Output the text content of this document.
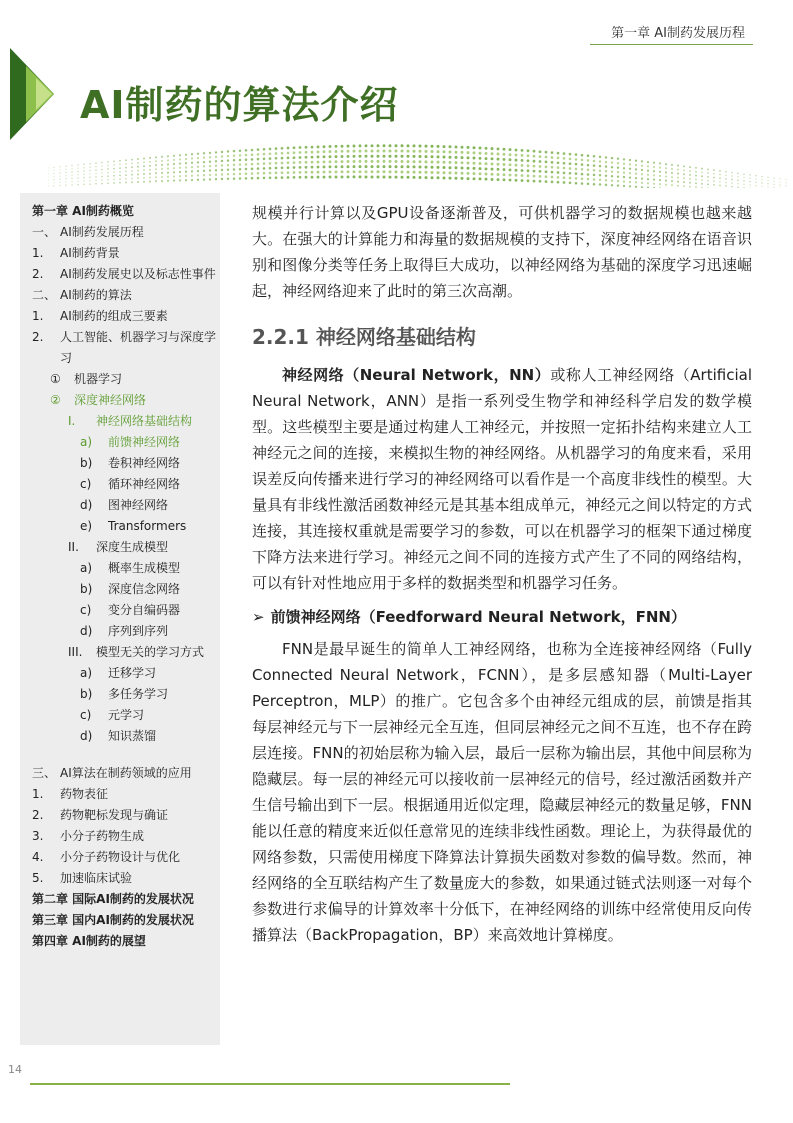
第一章 AI制药发展历程
AI制药的算法介绍
第一章 AI制药概览
一、 AI制药发展历程
1.	AI制药背景
2.	AI制药发展史以及标志性事件
二、 AI制药的算法
1.	AI制药的组成三要素
2.	人工智能、机器学习与深度学习
①	机器学习
②	深度神经网络
I.	神经网络基础结构
a)	前馈神经网络
b)	卷积神经网络
c)	循环神经网络
d)	图神经网络
e)	Transformers
II.	深度生成模型
a)	概率生成模型
b)	深度信念网络
c)	变分自编码器
d)	序列到序列
III.	模型无关的学习方式
a)	迁移学习
b)	多任务学习
c)	元学习
d)	知识蒸馏
三、 AI算法在制药领域的应用
1.	药物表征
2.	药物靶标发现与确证
3.	小分子药物生成
4.	小分子药物设计与优化
5.	加速临床试验
第二章 国际AI制药的发展状况
第三章 国内AI制药的发展状况
第四章 AI制药的展望

规模并行计算以及GPU设备逐渐普及，可供机器学习的数据规模也越来越大。在强大的计算能力和海量的数据规模的支持下，深度神经网络在语音识别和图像分类等任务上取得巨大成功，以神经网络为基础的深度学习迅速崛起，神经网络迎来了此时的第三次高潮。

2.2.1 神经网络基础结构

神经网络（Neural Network，NN）或称人工神经网络（Artificial Neural Network，ANN）是指一系列受生物学和神经科学启发的数学模型。这些模型主要是通过构建人工神经元，并按照一定拓扑结构来建立人工神经元之间的连接，来模拟生物的神经网络。从机器学习的角度来看，采用误差反向传播来进行学习的神经网络可以看作是一个高度非线性的模型。大量具有非线性激活函数神经元是其基本组成单元，神经元之间以特定的方式连接，其连接权重就是需要学习的参数，可以在机器学习的框架下通过梯度下降方法来进行学习。神经元之间不同的连接方式产生了不同的网络结构，可以有针对性地应用于多样的数据类型和机器学习任务。

➢ 前馈神经网络（Feedforward Neural Network，FNN）

FNN是最早诞生的简单人工神经网络，也称为全连接神经网络（Fully Connected Neural Network，FCNN），是多层感知器（Multi-Layer Perceptron，MLP）的推广。它包含多个由神经元组成的层，前馈是指其每层神经元与下一层神经元全互连，但同层神经元之间不互连，也不存在跨层连接。FNN的初始层称为输入层，最后一层称为输出层，其他中间层称为隐藏层。每一层的神经元可以接收前一层神经元的信号，经过激活函数并产生信号输出到下一层。根据通用近似定理，隐藏层神经元的数量足够，FNN能以任意的精度来近似任意常见的连续非线性函数。理论上，为获得最优的网络参数，只需使用梯度下降算法计算损失函数对参数的偏导数。然而，神经网络的全互联结构产生了数量庞大的参数，如果通过链式法则逐一对每个参数进行求偏导的计算效率十分低下，在神经网络的训练中经常使用反向传播算法（BackPropagation，BP）来高效地计算梯度。

14
